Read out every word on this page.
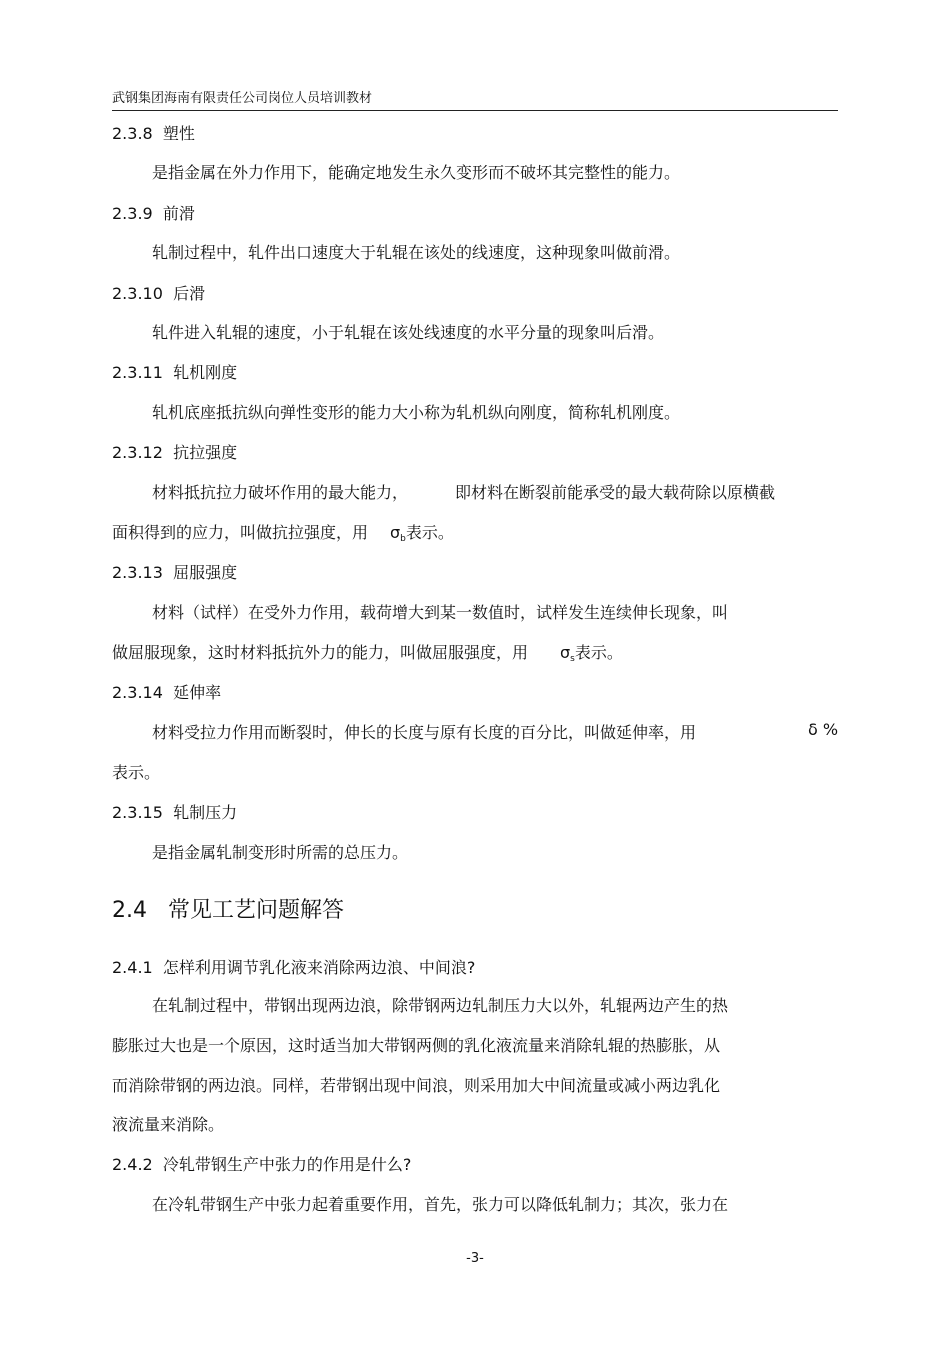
武钢集团海南有限责任公司岗位人员培训教材
2.3.8 塑性
是指金属在外力作用下，能确定地发生永久变形而不破坏其完整性的能力。
2.3.9 前滑
轧制过程中，轧件出口速度大于轧辊在该处的线速度，这种现象叫做前滑。
2.3.10 后滑
轧件进入轧辊的速度，小于轧辊在该处线速度的水平分量的现象叫后滑。
2.3.11 轧机刚度
轧机底座抵抗纵向弹性变形的能力大小称为轧机纵向刚度，简称轧机刚度。
2.3.12 抗拉强度
材料抵抗拉力破坏作用的最大能力，	即材料在断裂前能承受的最大载荷除以原横截
面积得到的应力，叫做抗拉强度，用 σb表示。
2.3.13 屈服强度
材料（试样）在受外力作用，载荷增大到某一数值时，试样发生连续伸长现象，叫
做屈服现象，这时材料抵抗外力的能力，叫做屈服强度，用 σs表示。
2.3.14 延伸率
材料受拉力作用而断裂时，伸长的长度与原有长度的百分比，叫做延伸率，用	δ %
表示。
2.3.15 轧制压力
是指金属轧制变形时所需的总压力。
2.4 常见工艺问题解答
2.4.1 怎样利用调节乳化液来消除两边浪、中间浪?
在轧制过程中，带钢出现两边浪，除带钢两边轧制压力大以外，轧辊两边产生的热
膨胀过大也是一个原因，这时适当加大带钢两侧的乳化液流量来消除轧辊的热膨胀，从
而消除带钢的两边浪。同样，若带钢出现中间浪，则采用加大中间流量或减小两边乳化
液流量来消除。
2.4.2 冷轧带钢生产中张力的作用是什么?
在冷轧带钢生产中张力起着重要作用，首先，张力可以降低轧制力；其次，张力在
-3-
